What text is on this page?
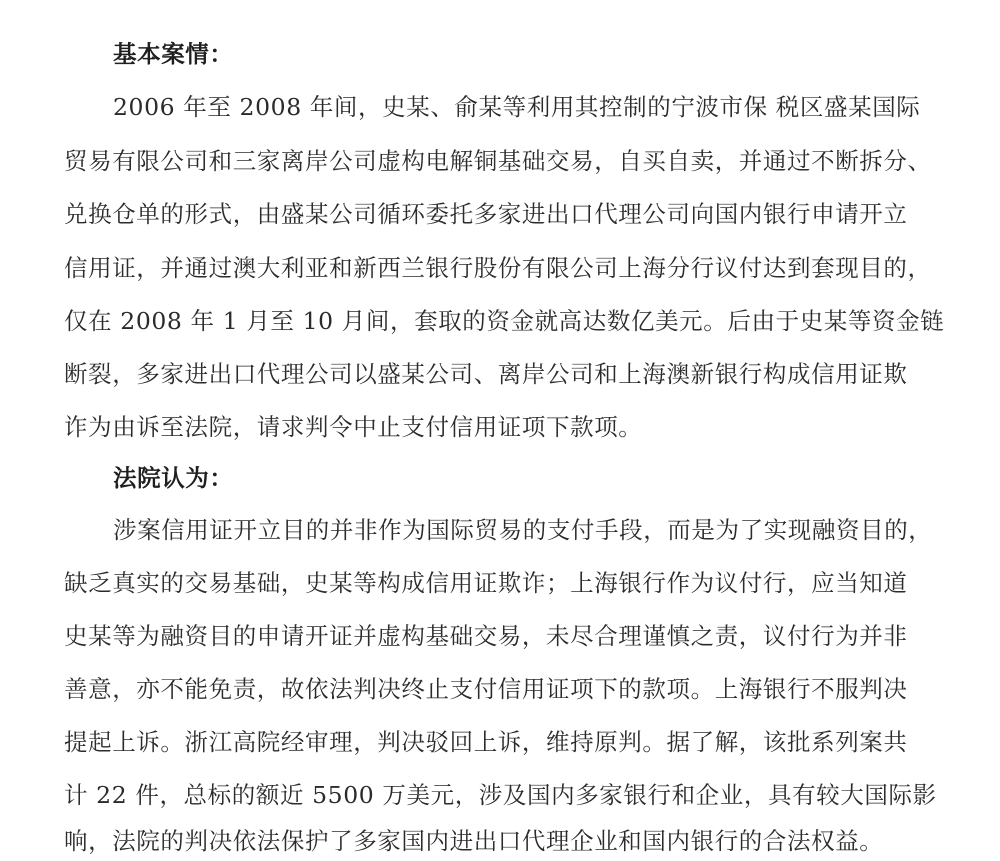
基本案情：
2006 年至 2008 年间，史某、俞某等利用其控制的宁波市保 税区盛某国际
贸易有限公司和三家离岸公司虚构电解铜基础交易，自买自卖，并通过不断拆分、
兑换仓单的形式，由盛某公司循环委托多家进出口代理公司向国内银行申请开立
信用证，并通过澳大利亚和新西兰银行股份有限公司上海分行议付达到套现目的，
仅在 2008 年 1 月至 10 月间，套取的资金就高达数亿美元。后由于史某等资金链
断裂，多家进出口代理公司以盛某公司、离岸公司和上海澳新银行构成信用证欺
诈为由诉至法院，请求判令中止支付信用证项下款项。
法院认为：
涉案信用证开立目的并非作为国际贸易的支付手段，而是为了实现融资目的，
缺乏真实的交易基础，史某等构成信用证欺诈；上海银行作为议付行，应当知道
史某等为融资目的申请开证并虚构基础交易，未尽合理谨慎之责，议付行为并非
善意，亦不能免责，故依法判决终止支付信用证项下的款项。上海银行不服判决
提起上诉。浙江高院经审理，判决驳回上诉，维持原判。据了解，该批系列案共
计 22 件，总标的额近 5500 万美元，涉及国内多家银行和企业，具有较大国际影
响，法院的判决依法保护了多家国内进出口代理企业和国内银行的合法权益。
